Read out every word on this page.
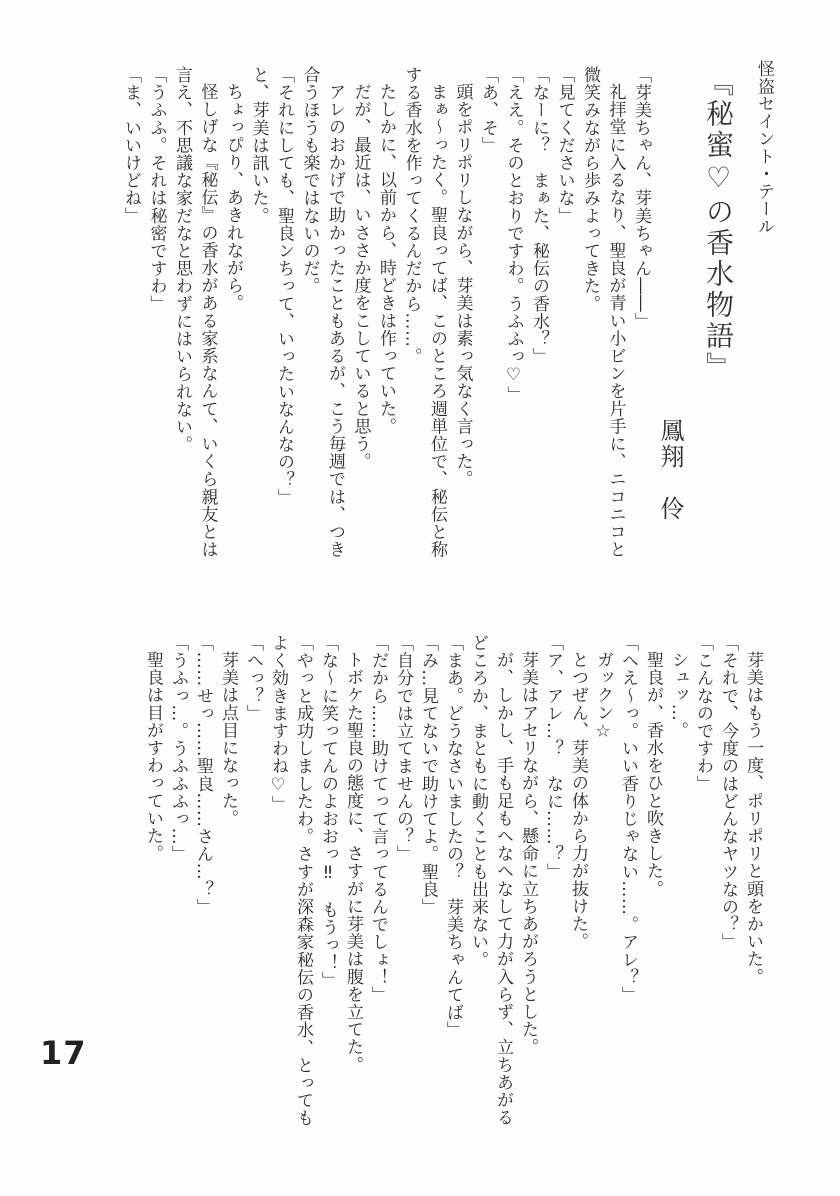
怪盗セイント・テール
『秘蜜♡の香水物語』
鳳翔　伶
「芽美ちゃん、芽美ちゃん――」
礼拝堂に入るなり、聖良が青い小ビンを片手に、ニコニコと
微笑みながら歩みよってきた。
「見てくださいな」
「なーに？　まぁた、秘伝の香水？」
「ええ。そのとおりですわ。うふふっ♡」
「あ、そ」
頭をポリポリしながら、芽美は素っ気なく言った。
まぁ〜ったく。聖良ってば、このところ週単位で、秘伝と称
する香水を作ってくるんだから……。
たしかに、以前から、時どきは作っていた。
だが、最近は、いささか度をこしていると思う。
アレのおかげで助かったこともあるが、こう毎週では、つき
合うほうも楽ではないのだ。
「それにしても、聖良ンちって、いったいなんなの？」
と、芽美は訊いた。
ちょっぴり、あきれながら。
怪しげな『秘伝』の香水がある家系なんて、いくら親友とは
言え、不思議な家だなと思わずにはいられない。
「うふふ。それは秘密ですわ」
「ま、いいけどね」
芽美はもう一度、ポリポリと頭をかいた。
「それで、今度のはどんなヤツなの？」
「こんなのですわ」
シュッ…。
聖良が、香水をひと吹きした。
「へえ〜っ。いい香りじゃない……。アレ？」
ガックン☆
とつぜん、芽美の体から力が抜けた。
「ア、アレ…？　なに……？」
芽美はアセリながら、懸命に立ちあがろうとした。
が、しかし、手も足もへなへなして力が入らず、立ちあがる
どころか、まともに動くことも出来ない。
「まあ。どうなさいましたの？　芽美ちゃんてば」
「み…見てないで助けてよ。聖良」
「自分では立てませんの？」
「だから……助けてって言ってるんでしょ！」
トボケた聖良の態度に、さすがに芽美は腹を立てた。
「な〜に笑ってんのよおおっ‼　もうっ！」
「やっと成功しましたわ。さすが深森家秘伝の香水、とっても
よく効きますわね♡」
「へっ？」
芽美は点目になった。
「……せっ……聖良……さん…？」
「うふっ…。うふふふっ…」
聖良は目がすわっていた。
17
